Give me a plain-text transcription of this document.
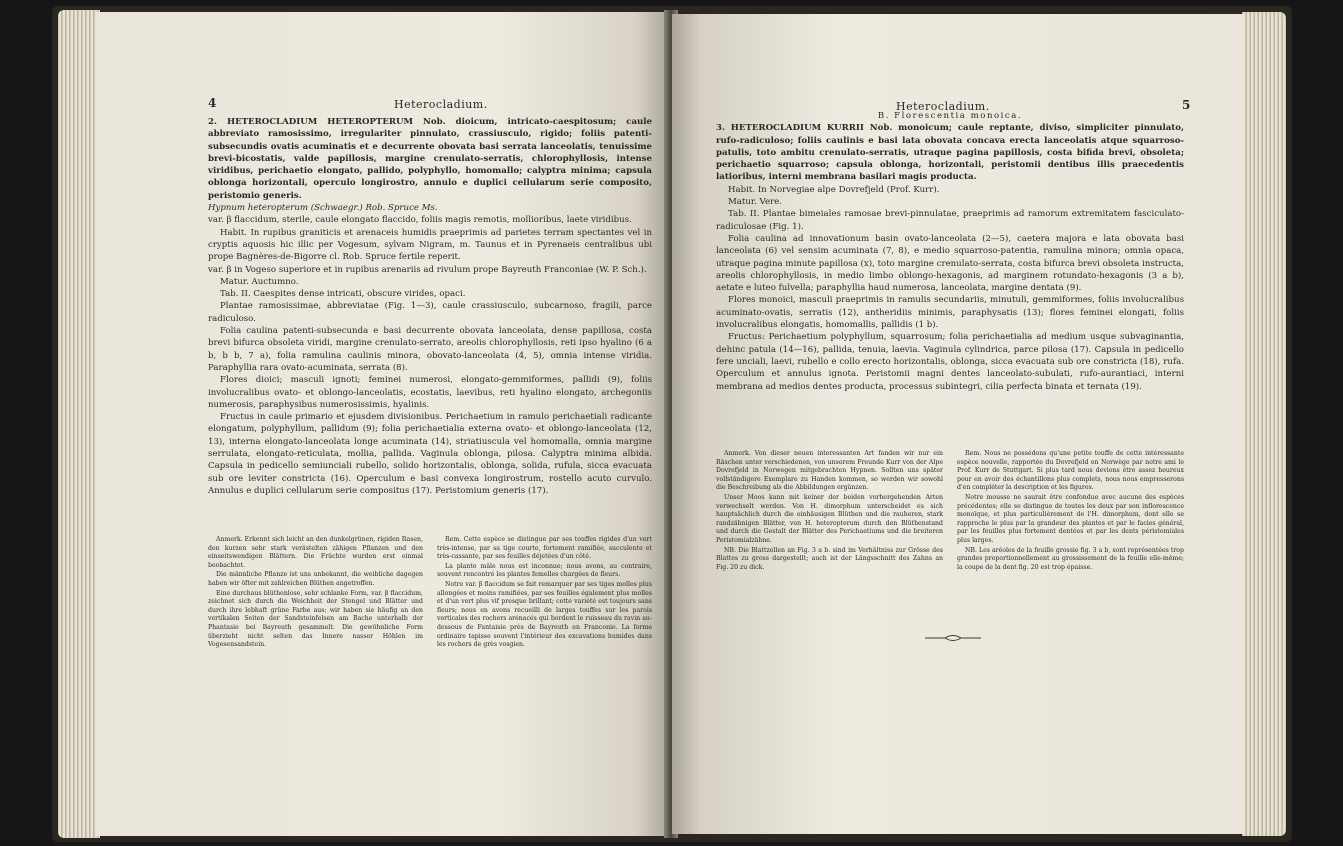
4	Heterocladium.

2. HETEROCLADIUM HETEROPTERUM Nob. dioicum, intricato-caespitosum; caule abbreviato ramosissimo, irregulariter pinnulato, crassiusculo, rigido; foliis patenti-subsecundis ovatis acuminatis et e decurrente obovata basi serrata lanceolatis, tenuissime brevi-bicostatis, valde papillosis, margine crenulato-serratis, chlorophyllosis, intense viridibus, perichaetio elongato, pallido, polyphyllo, homomallo; calyptra minima; capsula oblonga horizontali, operculo longirostro, annulo e duplici cellularum serie composito, peristomio generis.

Hypnum heteropterum (Schwaegr.) Rob. Spruce Ms.

var. β flaccidum, sterile, caule elongato flaccido, foliis magis remotis, mollioribus, laete viridibus.

Habit. In rupibus graniticis et arenaceis humidis praeprimis ad parietes terram spectantes vel in cryptis aquosis hic illic per Vogesum, sylvam Nigram, m. Taunus et in Pyrenaeis centralibus ubi prope Bagnères-de-Bigorre cl. Rob. Spruce fertile reperit.

var. β in Vogeso superiore et in rupibus arenariis ad rivulum prope Bayreuth Franconiae (W. P. Sch.).

Matur. Auctumno.

Tab. II. Caespites dense intricati, obscure virides, opaci.

Plantae ramosissimae, abbreviatae (Fig. 1—3), caule crassiusculo, subcarnoso, fragili, parce radiculoso.

Folia caulina patenti-subsecunda e basi decurrente obovata lanceolata, dense papillosa, costa brevi bifurca obsoleta viridi, margine crenulato-serrato, areolis chlorophyllosis, reti ipso hyalino (6 a b, b b, 7 a), folia ramulina caulinis minora, obovato-lanceolata (4, 5), omnia intense viridia. Paraphyllia rara ovato-acuminata, serrata (8).

Flores dioici; masculi ignoti; feminei numerosi, elongato-gemmiformes, pallidi (9), foliis involucralibus ovato- et oblongo-lanceolatis, ecostatis, laevibus, reti hyalino elongato, archegoniis numerosis, paraphysibus numerosissimis, hyalinis.

Fructus in caule primario et ejusdem divisionibus. Perichaetium in ramulo perichaetiali radicante elongatum, polyphyllum, pallidum (9); folia perichaetialia externa ovato- et oblongo-lanceolata (12, 13), interna elongato-lanceolata longe acuminata (14), striatiuscula vel homomalla, omnia margine serrulata, elongato-reticulata, mollia, pallida. Vaginula oblonga, pilosa. Calyptra minima albida. Capsula in pedicello semiunciali rubello, solido horizontalis, oblonga, solida, rufula, sicca evacuata sub ore leviter constricta (16). Operculum e basi convexa longirostrum, rostello acuto curvulo. Annulus e duplici cellularum serie compositus (17). Peristomium generis (17).

Anmerk. Erkennt sich leicht an den dunkelgrünen, rigiden Rasen, den kurzen sehr stark verästelten zähigen Pflanzen und den einseitswendigen Blättern. Die Früchte wurden erst einmal beobachtet.

Die männliche Pflanze ist uns unbekannt, die weibliche dagegen haben wir öfter mit zahlreichen Blüthen angetroffen.

Eine durchaus blüthenlose, sehr schlanke Form, var. β flaccidum, zeichnet sich durch die Weichheit der Stengel und Blätter und durch ihre lebhaft grüne Farbe aus; wir haben sie häufig an den vertikalen Seiten der Sandsteinfelsen am Bache unterhalb der Phantasie bei Bayreuth gesammelt. Die gewöhnliche Form überzieht nicht selten das Innere nasser Höhlen im Vogesensandstein.

Rem. Cette espèce se distingue par ses touffes rigides d'un vert très-intense, par sa tige courte, fortement ramifiée, succulente et très-cassante, par ses feuilles déjetées d'un côté.

La plante mâle nous est inconnue; nous avons, au contraire, souvent rencontré les plantes femelles chargées de fleurs.

Notre var. β flaccidum se fait remarquer par ses tiges molles plus allongées et moins ramifiées, par ses feuilles également plus molles et d'un vert plus vif presque brillant; cette variété est toujours sans fleurs; nous en avons recueilli de larges touffes sur les parois verticales des rochers arénacés qui bordent le ruisseau du ravin au-dessous de Fantaisie près de Bayreuth en Franconie. La forme ordinaire tapisse souvent l'intérieur des excavations humides dans les rochers de grès vosgien.

Heterocladium.	5

B. Florescentia monoica.

3. HETEROCLADIUM KURRII Nob. monoicum; caule reptante, diviso, simpliciter pinnulato, rufo-radiculoso; foliis caulinis e basi lata obovata concava erecta lanceolatis atque squarroso-patulis, toto ambitu crenulato-serratis, utraque pagina papillosis, costa bifida brevi, obsoleta; perichaetio squarroso; capsula oblonga, horizontali, peristomii dentibus illis praecedentis latioribus, interni membrana basilari magis producta.

Habit. In Norvegiae alpe Dovrefjeld (Prof. Kurr).

Matur. Vere.

Tab. II. Plantae bimeiales ramosae brevi-pinnulatae, praeprimis ad ramorum extremitatem fasciculato-radiculosae (Fig. 1).

Folia caulina ad innovationum basin ovato-lanceolata (2—5), caetera majora e lata obovata basi lanceolata (6) vel sensim acuminata (7, 8), e medio squarroso-patentia, ramulina minora; omnia opaca, utraque pagina minute papillosa (x), toto margine crenulato-serrata, costa bifurca brevi obsoleta instructa, areolis chlorophyllosis, in medio limbo oblongo-hexagonis, ad marginem rotundato-hexagonis (3 a b), aetate e luteo fulvella; paraphyllia haud numerosa, lanceolata, margine dentata (9).

Flores monoici, masculi praeprimis in ramulis secundariis, minutuli, gemmiformes, foliis involucralibus acuminato-ovatis, serratis (12), antheridiis minimis, paraphysatis (13); flores feminei elongati, foliis involucralibus elongatis, homomallis, pallidis (1 b).

Fructus: Perichaetium polyphyllum, squarrosum; folia perichaetialia ad medium usque subvaginantia, dehinc patula (14—16), pallida, tenuia, laevia. Vaginula cylindrica, parce pilosa (17). Capsula in pedicello fere unciali, laevi, rubello e collo erecto horizontalis, oblonga, sicca evacuata sub ore constricta (18), rufa. Operculum et annulus ignota. Peristomii magni dentes lanceolato-subulati, rufo-aurantiaci, interni membrana ad medios dentes producta, processus subintegri, cilia perfecta binata et ternata (19).

Anmerk. Von dieser neuen interessanten Art fanden wir nur ein Räschen unter verschiedenen, von unserem Freunde Kurr von der Alpe Dovrefjeld in Norwegen mitgebrachten Hypnen. Sollten uns später vollständigere Exemplare zu Handen kommen, so werden wir sowohl die Beschreibung als die Abbildungen ergänzen.

Unser Moos kann mit keiner der beiden vorhergehenden Arten verwechselt werden. Von H. dimorphum unterscheidet es sich hauptsächlich durch die einhäusigen Blüthen und die rauheren, stark randzähnigen Blätter, von H. heteropterum durch den Blüthenstand und durch die Gestalt der Blätter des Perichaetiums und die breiteren Peristomialzähne.

NB. Die Blattzellen an Fig. 3 a b. sind im Verhältniss zur Grösse des Blattes zu gross dargestellt; auch ist der Längsschnitt des Zahns an Fig. 20 zu dick.

Rem. Nous ne possédons qu'une petite touffe de cette intéressante espèce nouvelle, rapportée du Dovrefjeld en Norwège par notre ami le Prof. Kurr de Stuttgart. Si plus tard nous devions être assez heureux pour en avoir des échantillons plus complets, nous nous empresserons d'en compléter la description et les figures.

Notre mousse ne saurait être confondue avec aucune des espèces précédentes; elle se distingue de toutes les deux par son inflorescence monoïque, et plus particulièrement de l'H. dimorphum, dont elle se rapproche le plus par la grandeur des plantes et par le facies général, par les feuilles plus fortement dentées et par les dents péristomiales plus larges.

NB. Les aréoles de la feuille grossie fig. 3 a b, sont représentées trop grandes proportionnellement au grossissement de la feuille elle-même; la coupe de la dent fig. 20 est trop épaisse.
